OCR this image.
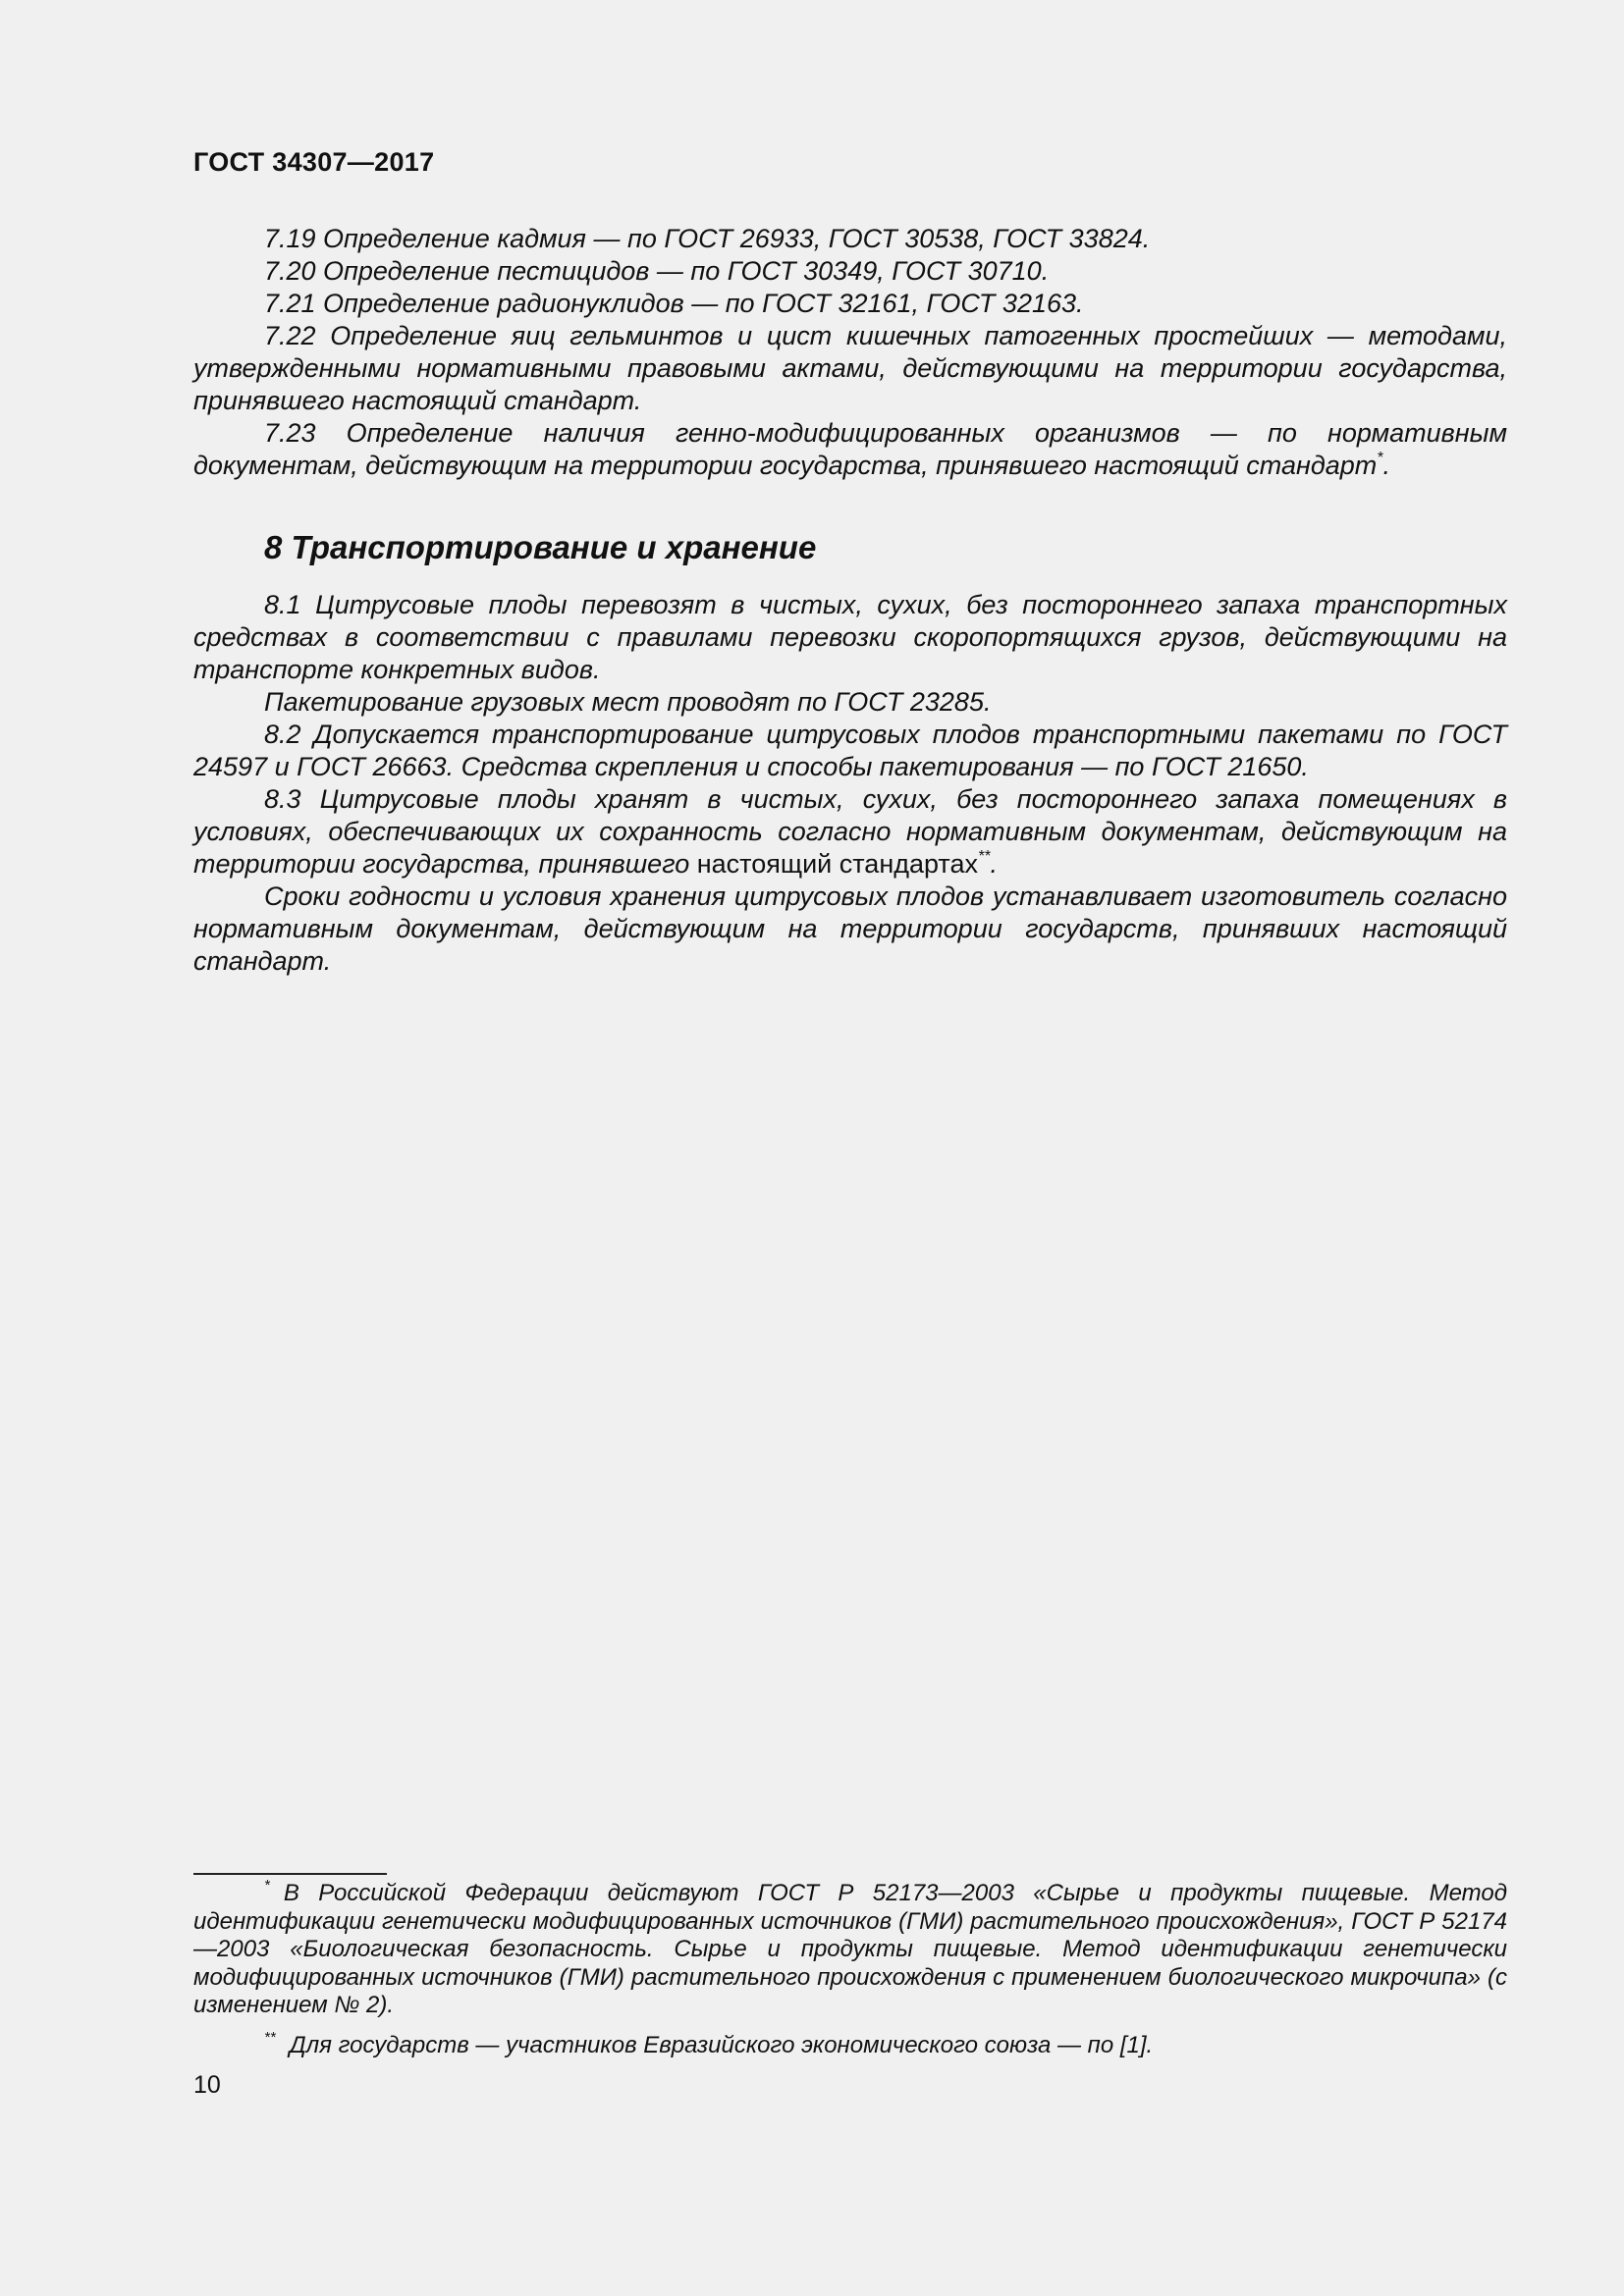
ГОСТ 34307—2017

7.19 Определение кадмия — по ГОСТ 26933, ГОСТ 30538, ГОСТ 33824.

7.20 Определение пестицидов — по ГОСТ 30349, ГОСТ 30710.

7.21 Определение радионуклидов — по ГОСТ 32161, ГОСТ 32163.

7.22 Определение яиц гельминтов и цист кишечных патогенных простейших — методами, утвержденными нормативными правовыми актами, действующими на территории государства, принявшего настоящий стандарт.

7.23 Определение наличия генно-модифицированных организмов — по нормативным документам, действующим на территории государства, принявшего настоящий стандарт*.

8 Транспортирование и хранение

8.1 Цитрусовые плоды перевозят в чистых, сухих, без постороннего запаха транспортных средствах в соответствии с правилами перевозки скоропортящихся грузов, действующими на транспорте конкретных видов.

Пакетирование грузовых мест проводят по ГОСТ 23285.

8.2 Допускается транспортирование цитрусовых плодов транспортными пакетами по ГОСТ 24597 и ГОСТ 26663. Средства скрепления и способы пакетирования — по ГОСТ 21650.

8.3 Цитрусовые плоды хранят в чистых, сухих, без постороннего запаха помещениях в условиях, обеспечивающих их сохранность согласно нормативным документам, действующим на территории государства, принявшего настоящий стандартах**.

Сроки годности и условия хранения цитрусовых плодов устанавливает изготовитель согласно нормативным документам, действующим на территории государств, принявших настоящий стандарт.

* В Российской Федерации действуют ГОСТ Р 52173—2003 «Сырье и продукты пищевые. Метод идентификации генетически модифицированных источников (ГМИ) растительного происхождения», ГОСТ Р 52174—2003 «Биологическая безопасность. Сырье и продукты пищевые. Метод идентификации генетически модифицированных источников (ГМИ) растительного происхождения с применением биологического микрочипа» (с изменением № 2).

** Для государств — участников Евразийского экономического союза — по [1].

10
